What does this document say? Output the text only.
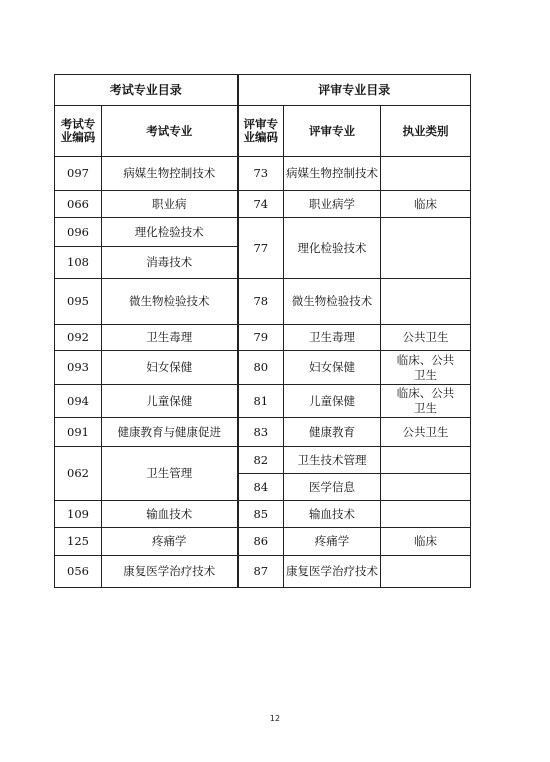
考试专业目录		评审专业目录		
考试专业编码	考试专业	评审专业编码	评审专业	执业类别
097	病媒生物控制技术	73	病媒生物控制技术	
066	职业病	74	职业病学	临床
096	理化检验技术	77	理化检验技术	
108	消毒技术			
095	微生物检验技术	78	微生物检验技术	
092	卫生毒理	79	卫生毒理	公共卫生
093	妇女保健	80	妇女保健	临床、公共卫生
094	儿童保健	81	儿童保健	临床、公共卫生
091	健康教育与健康促进	83	健康教育	公共卫生
062	卫生管理	82	卫生技术管理	
		84	医学信息	
109	输血技术	85	输血技术	
125	疼痛学	86	疼痛学	临床
056	康复医学治疗技术	87	康复医学治疗技术	
12
